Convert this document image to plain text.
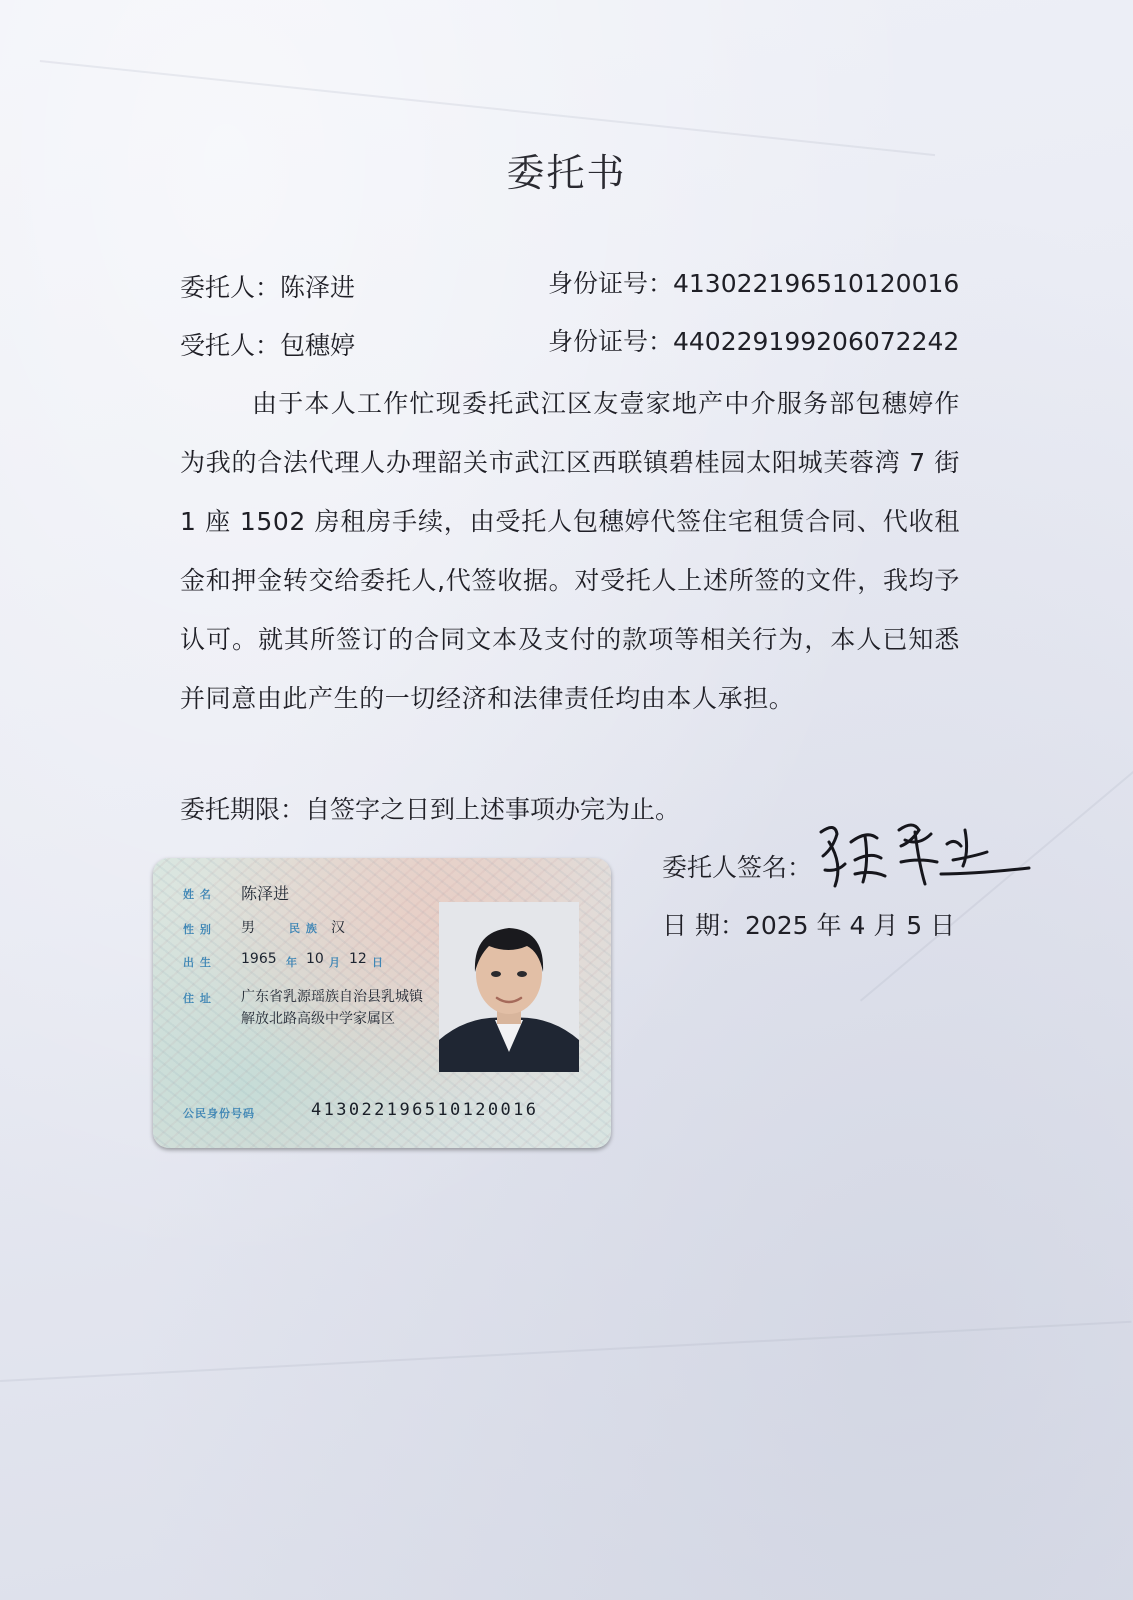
委托书
委托人：陈泽进	身份证号：413022196510120016
受托人：包穗婷	身份证号：440229199206072242
由于本人工作忙现委托武江区友壹家地产中介服务部包穗婷作为我的合法代理人办理韶关市武江区西联镇碧桂园太阳城芙蓉湾 7 街 1 座 1502 房租房手续，由受托人包穗婷代签住宅租赁合同、代收租金和押金转交给委托人,代签收据。对受托人上述所签的文件，我均予认可。就其所签订的合同文本及支付的款项等相关行为，本人已知悉并同意由此产生的一切经济和法律责任均由本人承担。
委托期限：自签字之日到上述事项办完为止。
委托人签名：
日 期：2025 年 4 月 5 日
姓 名 陈泽进
性 别 男	民 族 汉
出 生 1965 年 10 月 12 日
住 址 广东省乳源瑶族自治县乳城镇解放北路高级中学家属区
公民身份号码	413022196510120016
